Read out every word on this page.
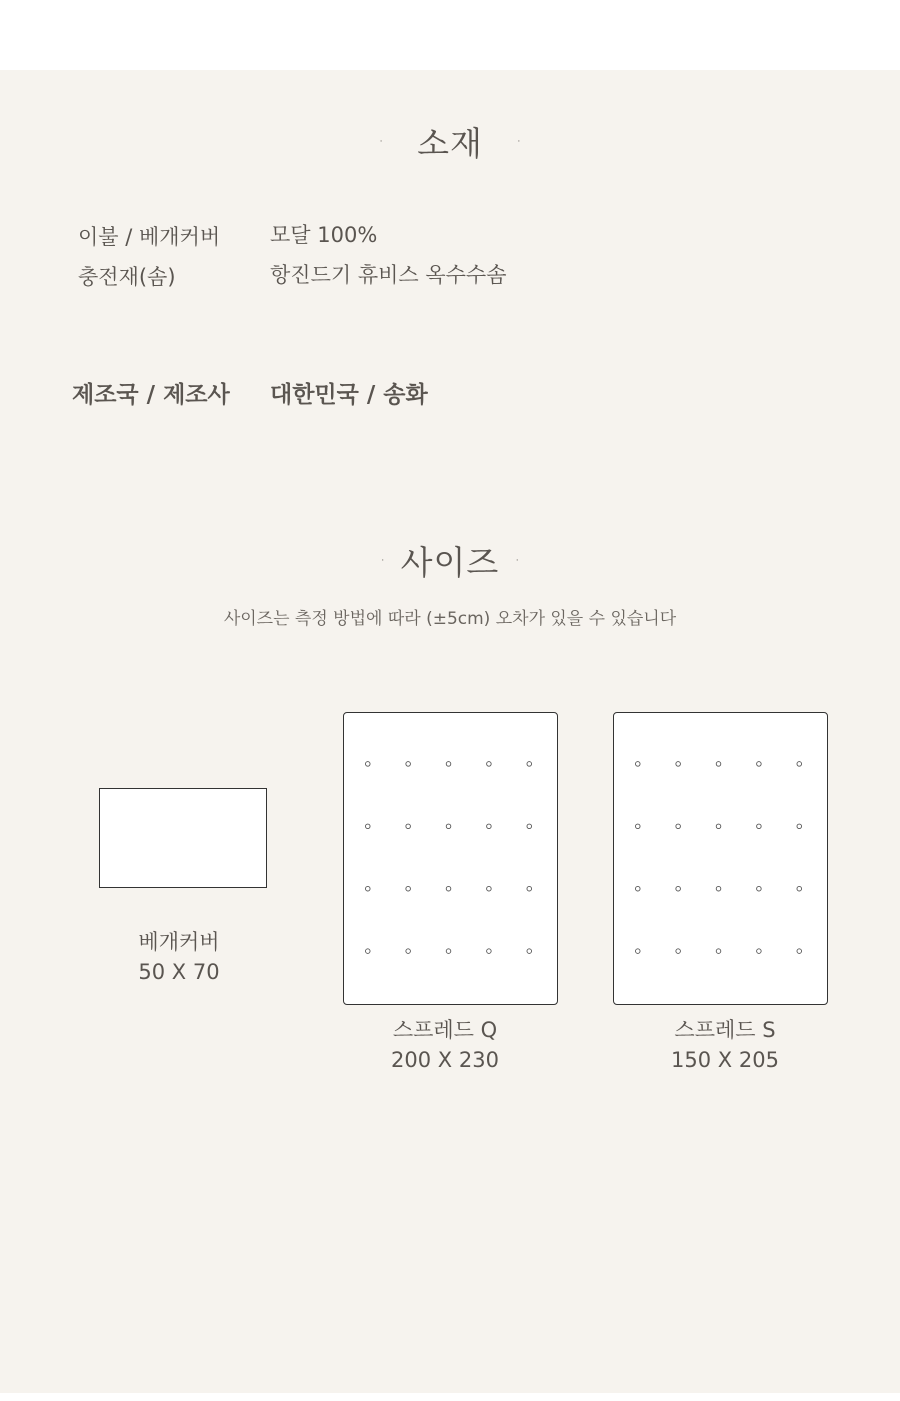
· 소재 ·
이불 / 베개커버 모달 100%
충전재(솜)	항진드기 휴비스 옥수수솜
제조국 / 제조사 대한민국 / 송화
· 사이즈 ·
사이즈는 측정 방법에 따라 (±5cm) 오차가 있을 수 있습니다
베개커버
50 X 70
스프레드 Q
200 X 230
스프레드 S
150 X 205
